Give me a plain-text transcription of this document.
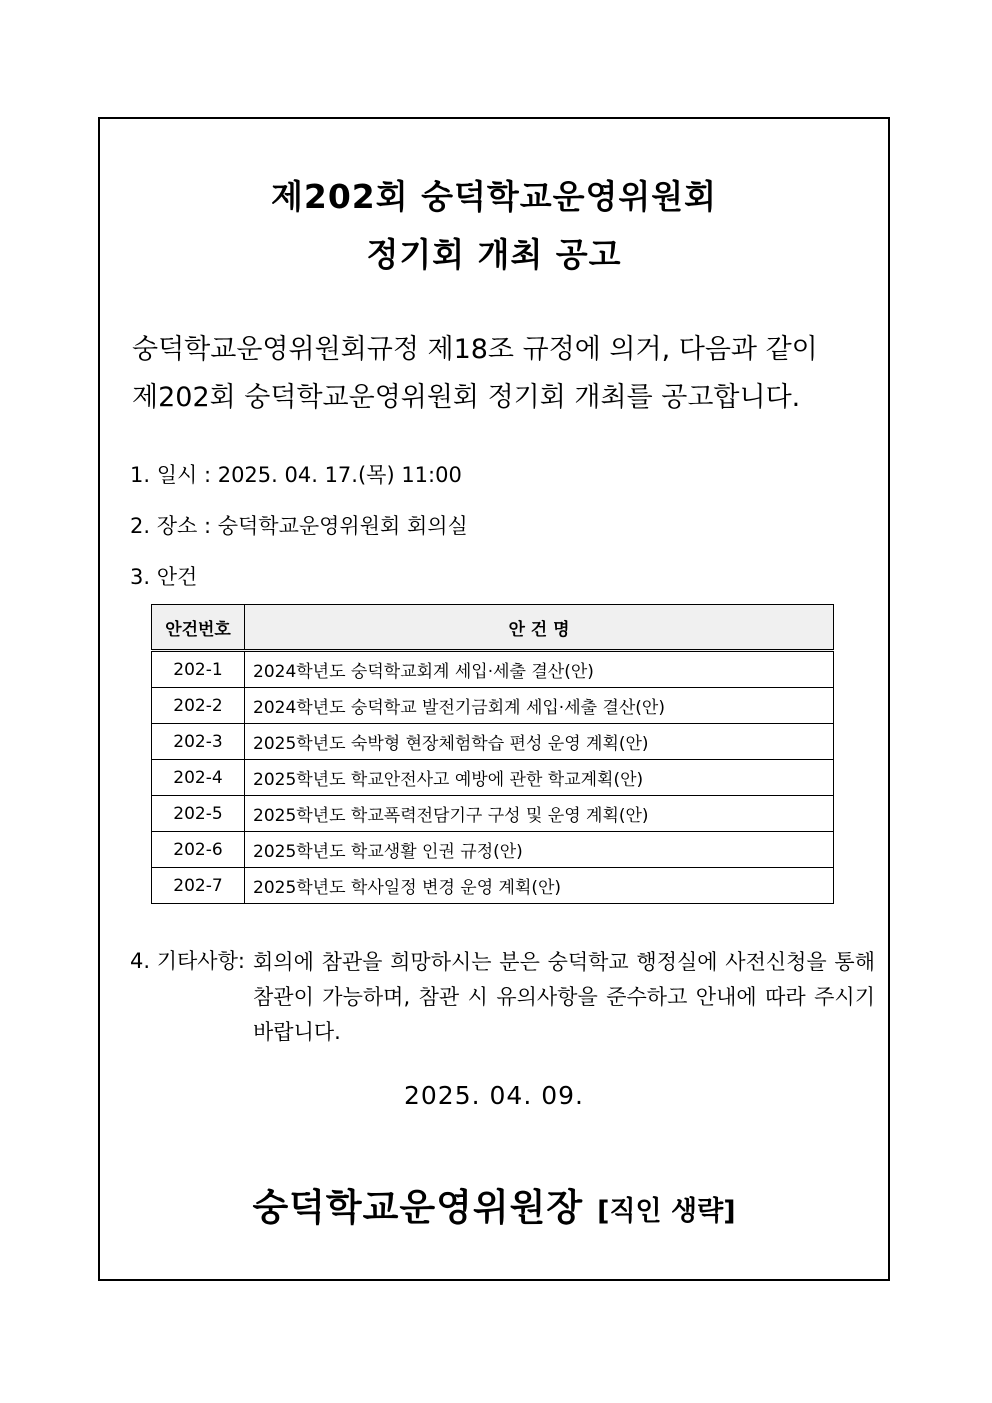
제202회 숭덕학교운영위원회
정기회 개최 공고
숭덕학교운영위원회규정 제18조 규정에 의거, 다음과 같이
제202회 숭덕학교운영위원회 정기회 개최를 공고합니다.
1. 일시 : 2025. 04. 17.(목) 11:00
2. 장소 : 숭덕학교운영위원회 회의실
3. 안건
안건번호	안 건 명
202-1	2024학년도 숭덕학교회계 세입·세출 결산(안)
202-2	2024학년도 숭덕학교 발전기금회계 세입·세출 결산(안)
202-3	2025학년도 숙박형 현장체험학습 편성 운영 계획(안)
202-4	2025학년도 학교안전사고 예방에 관한 학교계획(안)
202-5	2025학년도 학교폭력전담기구 구성 및 운영 계획(안)
202-6	2025학년도 학교생활 인권 규정(안)
202-7	2025학년도 학사일정 변경 운영 계획(안)
4. 기타사항: 회의에 참관을 희망하시는 분은 숭덕학교 행정실에 사전신청을 통해 참관이 가능하며, 참관 시 유의사항을 준수하고 안내에 따라 주시기 바랍니다.
2025. 04. 09.
숭덕학교운영위원장 [직인 생략]
